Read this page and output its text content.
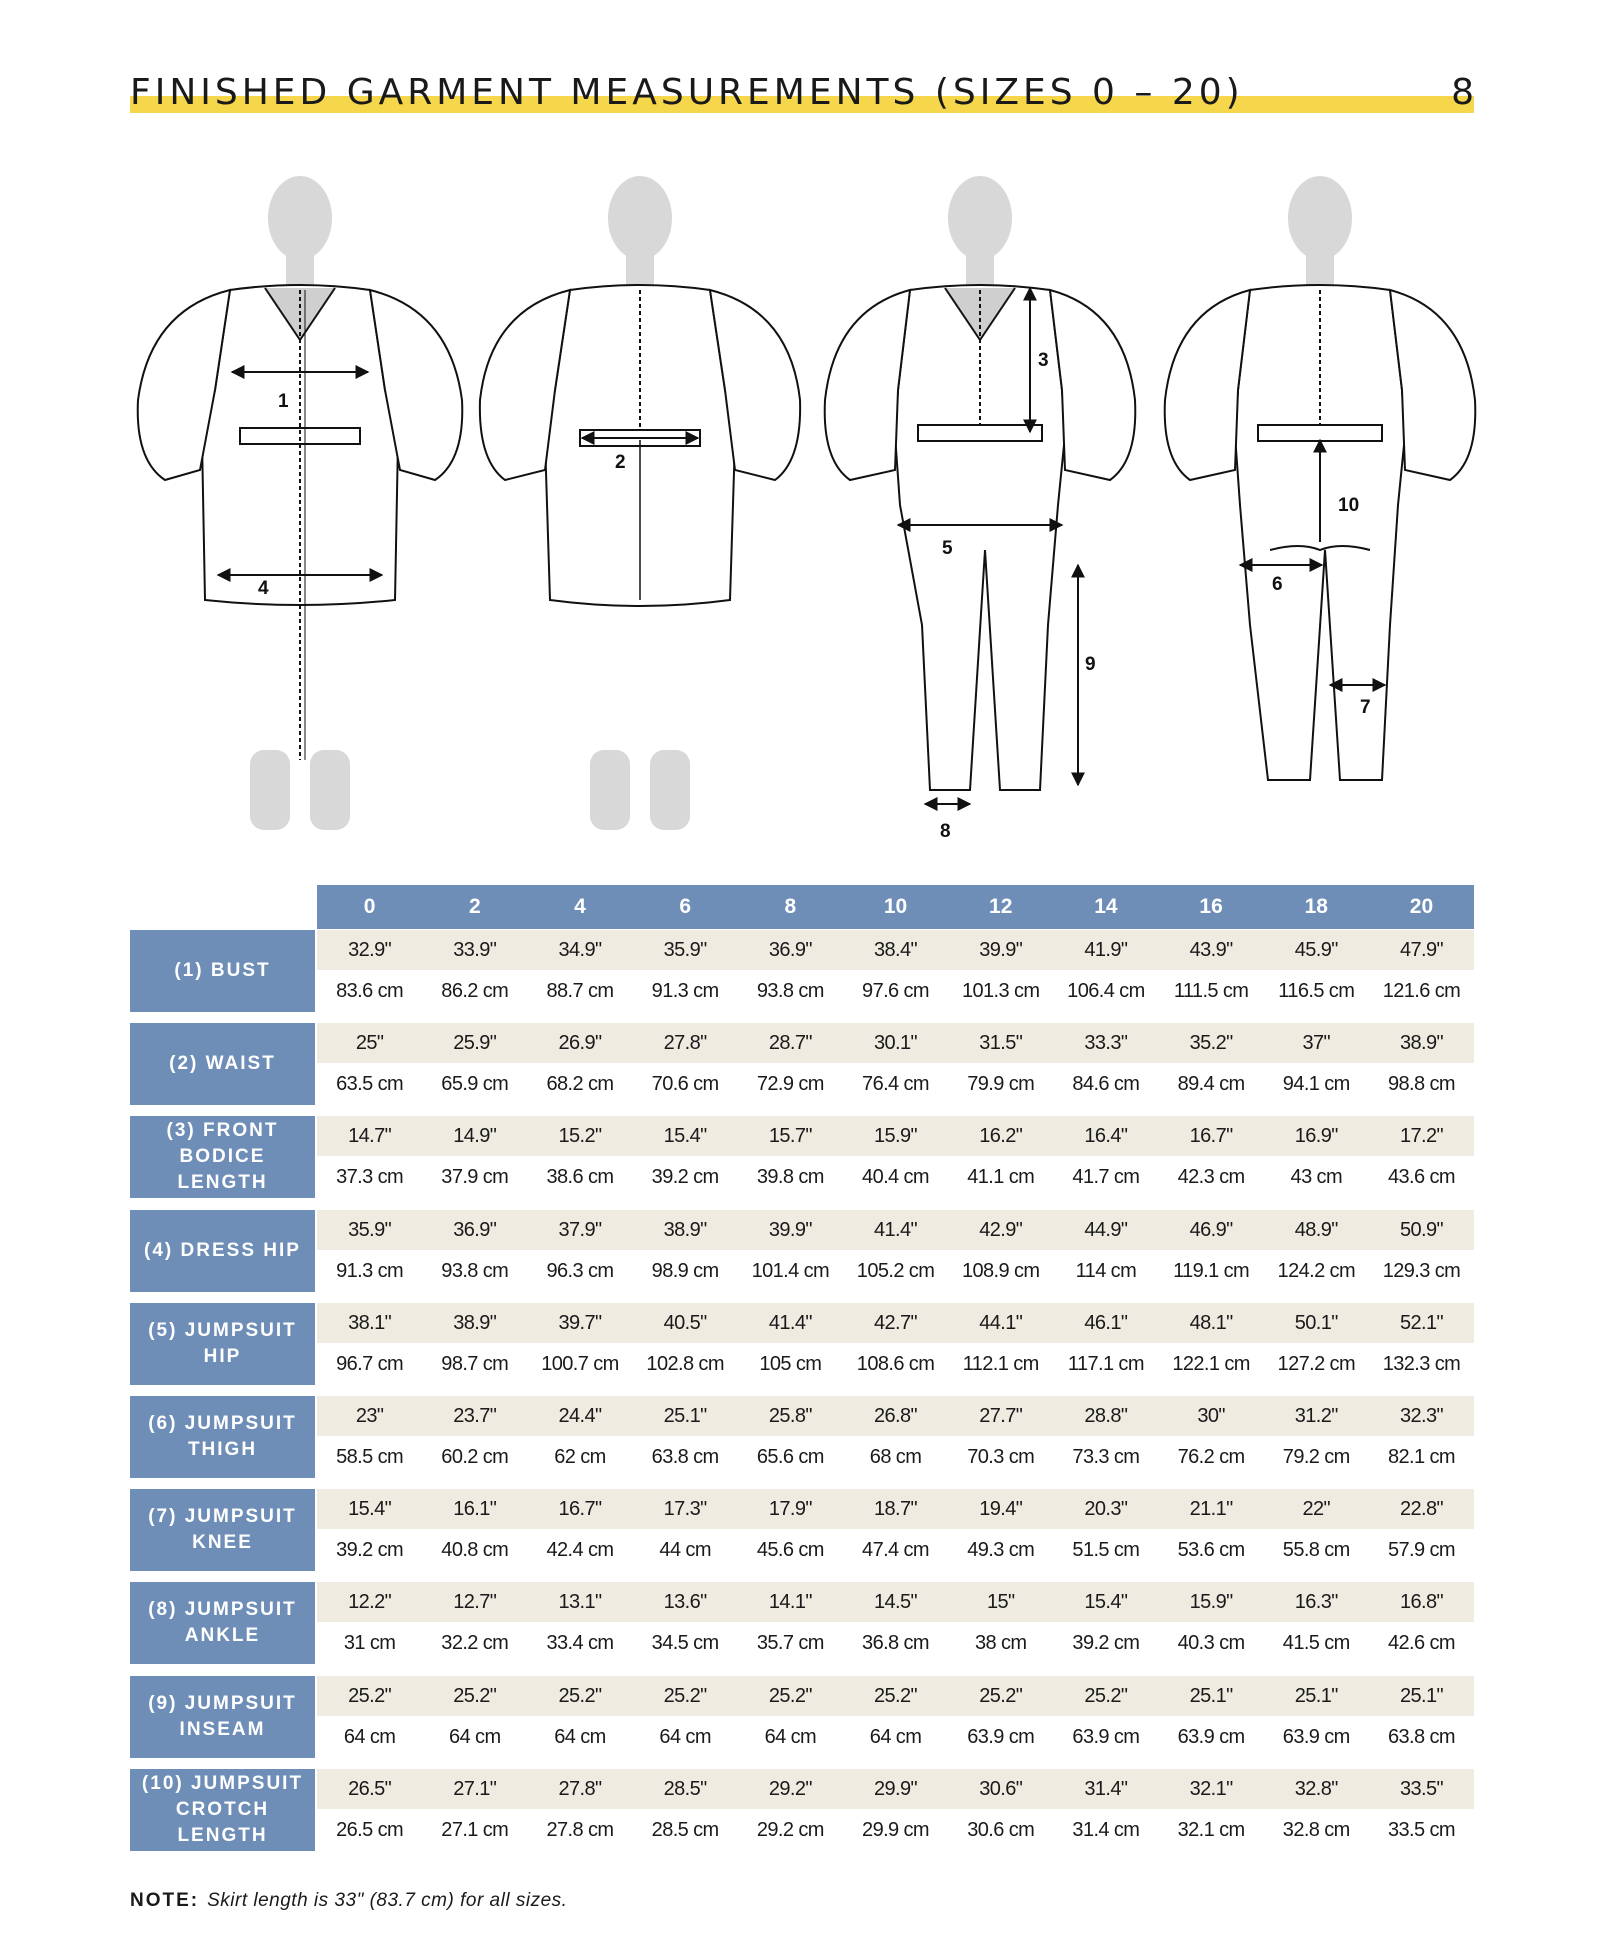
FINISHED GARMENT MEASUREMENTS (SIZES 0 – 20)	8
1
2
3
4
5
6
7
8
9
10
0	2	4	6	8	10	12	14	16	18	20
(1) BUST
32.9"	33.9"	34.9"	35.9"	36.9"	38.4"	39.9"	41.9"	43.9"	45.9"	47.9"
83.6 cm	86.2 cm	88.7 cm	91.3 cm	93.8 cm	97.6 cm	101.3 cm	106.4 cm	111.5 cm	116.5 cm	121.6 cm
(2) WAIST
25"	25.9"	26.9"	27.8"	28.7"	30.1"	31.5"	33.3"	35.2"	37"	38.9"
63.5 cm	65.9 cm	68.2 cm	70.6 cm	72.9 cm	76.4 cm	79.9 cm	84.6 cm	89.4 cm	94.1 cm	98.8 cm
(3) FRONT BODICE LENGTH
14.7"	14.9"	15.2"	15.4"	15.7"	15.9"	16.2"	16.4"	16.7"	16.9"	17.2"
37.3 cm	37.9 cm	38.6 cm	39.2 cm	39.8 cm	40.4 cm	41.1 cm	41.7 cm	42.3 cm	43 cm	43.6 cm
(4) DRESS HIP
35.9"	36.9"	37.9"	38.9"	39.9"	41.4"	42.9"	44.9"	46.9"	48.9"	50.9"
91.3 cm	93.8 cm	96.3 cm	98.9 cm	101.4 cm	105.2 cm	108.9 cm	114 cm	119.1 cm	124.2 cm	129.3 cm
(5) JUMPSUIT HIP
38.1"	38.9"	39.7"	40.5"	41.4"	42.7"	44.1"	46.1"	48.1"	50.1"	52.1"
96.7 cm	98.7 cm	100.7 cm	102.8 cm	105 cm	108.6 cm	112.1 cm	117.1 cm	122.1 cm	127.2 cm	132.3 cm
(6) JUMPSUIT THIGH
23"	23.7"	24.4"	25.1"	25.8"	26.8"	27.7"	28.8"	30"	31.2"	32.3"
58.5 cm	60.2 cm	62 cm	63.8 cm	65.6 cm	68 cm	70.3 cm	73.3 cm	76.2 cm	79.2 cm	82.1 cm
(7) JUMPSUIT KNEE
15.4"	16.1"	16.7"	17.3"	17.9"	18.7"	19.4"	20.3"	21.1"	22"	22.8"
39.2 cm	40.8 cm	42.4 cm	44 cm	45.6 cm	47.4 cm	49.3 cm	51.5 cm	53.6 cm	55.8 cm	57.9 cm
(8) JUMPSUIT ANKLE
12.2"	12.7"	13.1"	13.6"	14.1"	14.5"	15"	15.4"	15.9"	16.3"	16.8"
31 cm	32.2 cm	33.4 cm	34.5 cm	35.7 cm	36.8 cm	38 cm	39.2 cm	40.3 cm	41.5 cm	42.6 cm
(9) JUMPSUIT INSEAM
25.2"	25.2"	25.2"	25.2"	25.2"	25.2"	25.2"	25.2"	25.1"	25.1"	25.1"
64 cm	64 cm	64 cm	64 cm	64 cm	64 cm	63.9 cm	63.9 cm	63.9 cm	63.9 cm	63.8 cm
(10) JUMPSUIT CROTCH LENGTH
26.5"	27.1"	27.8"	28.5"	29.2"	29.9"	30.6"	31.4"	32.1"	32.8"	33.5"
26.5 cm	27.1 cm	27.8 cm	28.5 cm	29.2 cm	29.9 cm	30.6 cm	31.4 cm	32.1 cm	32.8 cm	33.5 cm
NOTE: Skirt length is 33" (83.7 cm) for all sizes.
